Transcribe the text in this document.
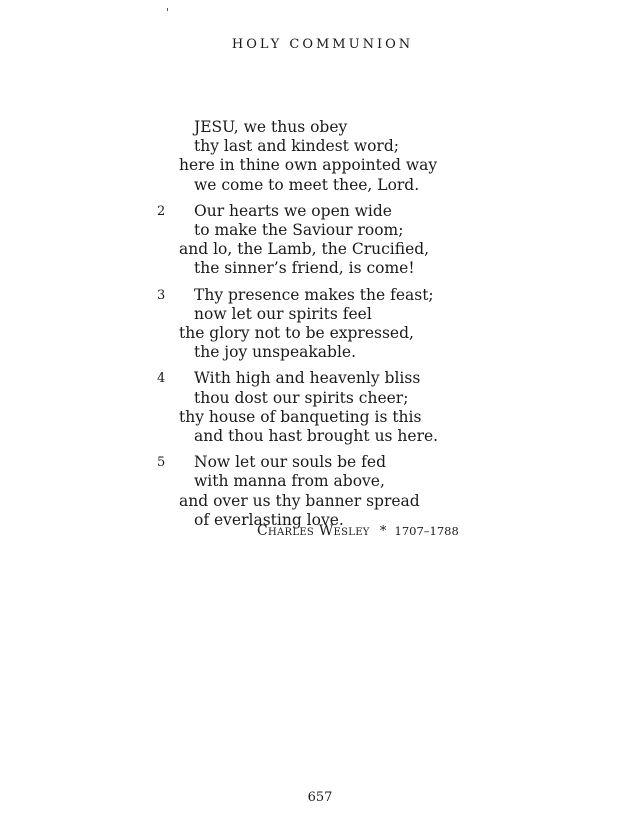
HOLY COMMUNION
JESU, we thus obey
thy last and kindest word;
here in thine own appointed way
we come to meet thee, Lord.
2	Our hearts we open wide
to make the Saviour room;
and lo, the Lamb, the Crucified,
the sinner’s friend, is come!
3	Thy presence makes the feast;
now let our spirits feel
the glory not to be expressed,
the joy unspeakable.
4	With high and heavenly bliss
thou dost our spirits cheer;
thy house of banqueting is this
and thou hast brought us here.
5	Now let our souls be fed
with manna from above,
and over us thy banner spread
of everlasting love.
Charles Wesley * 1707–1788
657
